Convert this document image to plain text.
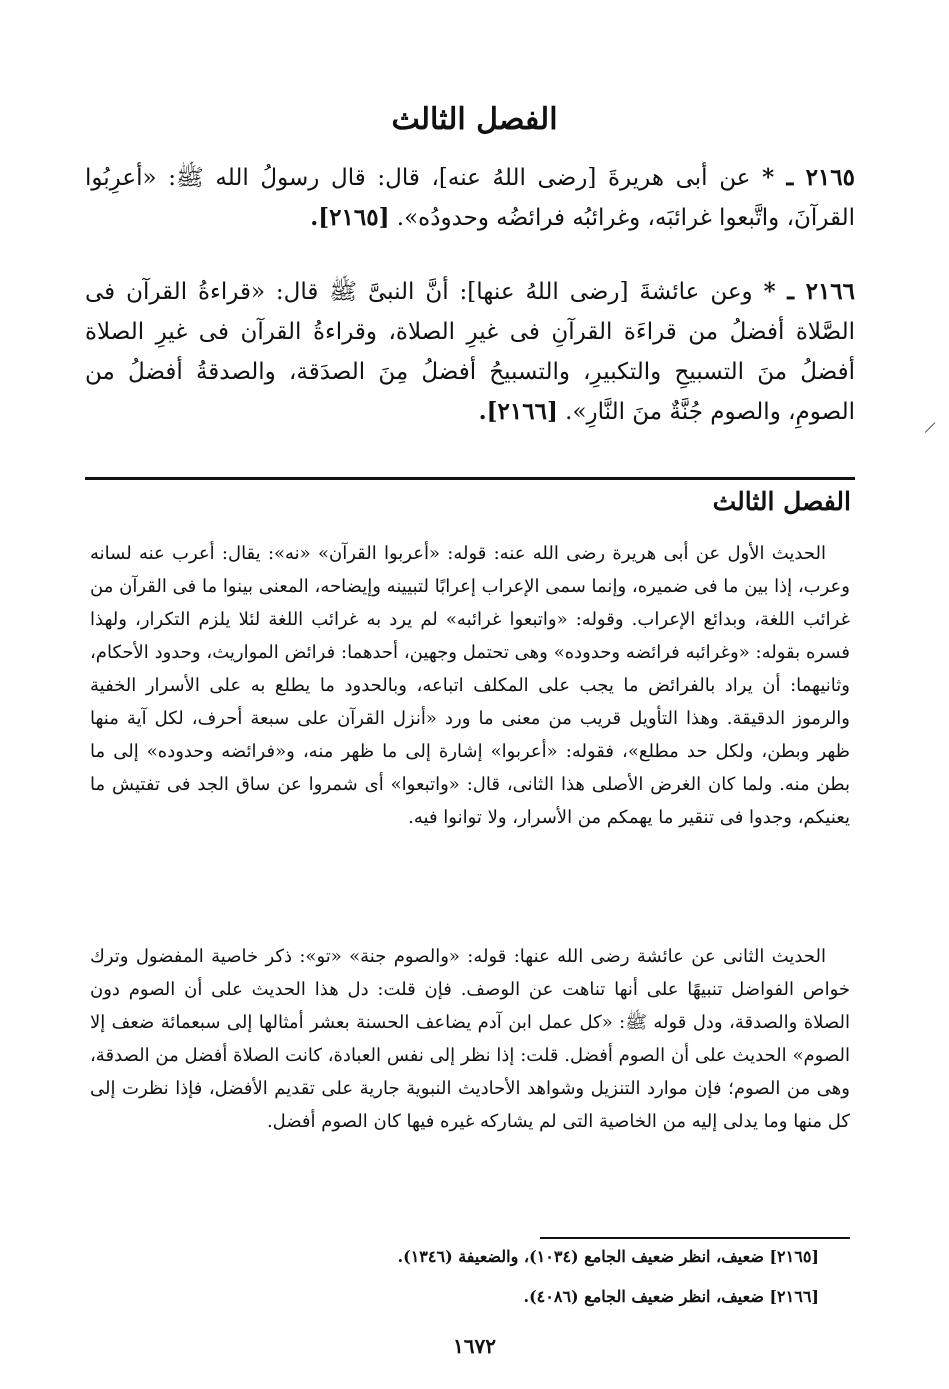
الفصل الثالث

٢١٦٥ ـ * عن أبى هريرةَ [رضى اللهُ عنه]، قال: قال رسولُ الله ﷺ: «أعرِبُوا القرآنَ، واتَّبعوا غرائبَه، وغرائبُه فرائضُه وحدودُه». [٢١٦٥].

٢١٦٦ ـ * وعن عائشةَ [رضى اللهُ عنها]: أنَّ النبىَّ ﷺ قال: «قراءةُ القرآن فى الصَّلاة أفضلُ من قراءَة القرآنِ فى غيرِ الصلاة، وقراءةُ القرآن فى غيرِ الصلاة أفضلُ منَ التسبيحِ والتكبيرِ، والتسبيحُ أفضلُ مِنَ الصدَقة، والصدقةُ أفضلُ من الصومِ، والصوم جُنَّةٌ منَ النَّارِ». [٢١٦٦].

الفصل الثالث

الحديث الأول عن أبى هريرة رضى الله عنه: قوله: «أعربوا القرآن» «نه»: يقال: أعرب عنه لسانه وعرب، إذا بين ما فى ضميره، وإنما سمى الإعراب إعرابًا لتبيينه وإيضاحه، المعنى بينوا ما فى القرآن من غرائب اللغة، وبدائع الإعراب. وقوله: «واتبعوا غرائبه» لم يرد به غرائب اللغة لئلا يلزم التكرار، ولهذا فسره بقوله: «وغرائبه فرائضه وحدوده» وهى تحتمل وجهين، أحدهما: فرائض المواريث، وحدود الأحكام، وثانيهما: أن يراد بالفرائض ما يجب على المكلف اتباعه، وبالحدود ما يطلع به على الأسرار الخفية والرموز الدقيقة. وهذا التأويل قريب من معنى ما ورد «أنزل القرآن على سبعة أحرف، لكل آية منها ظهر وبطن، ولكل حد مطلع»، فقوله: «أعربوا» إشارة إلى ما ظهر منه، و«فرائضه وحدوده» إلى ما بطن منه. ولما كان الغرض الأصلى هذا الثانى، قال: «واتبعوا» أى شمروا عن ساق الجد فى تفتيش ما يعنيكم، وجدوا فى تنقير ما يهمكم من الأسرار، ولا توانوا فيه.

الحديث الثانى عن عائشة رضى الله عنها: قوله: «والصوم جنة» «تو»: ذكر خاصية المفضول وترك خواص الفواضل تنبيهًا على أنها تناهت عن الوصف. فإن قلت: دل هذا الحديث على أن الصوم دون الصلاة والصدقة، ودل قوله ﷺ: «كل عمل ابن آدم يضاعف الحسنة بعشر أمثالها إلى سبعمائة ضعف إلا الصوم» الحديث على أن الصوم أفضل. قلت: إذا نظر إلى نفس العبادة، كانت الصلاة أفضل من الصدقة، وهى من الصوم؛ فإن موارد التنزيل وشواهد الأحاديث النبوية جارية على تقديم الأفضل، فإذا نظرت إلى كل منها وما يدلى إليه من الخاصية التى لم يشاركه غيره فيها كان الصوم أفضل.

[٢١٦٥] ضعيف، انظر ضعيف الجامع (١٠٣٤)، والضعيفة (١٣٤٦).

[٢١٦٦] ضعيف، انظر ضعيف الجامع (٤٠٨٦).

١٦٧٢
